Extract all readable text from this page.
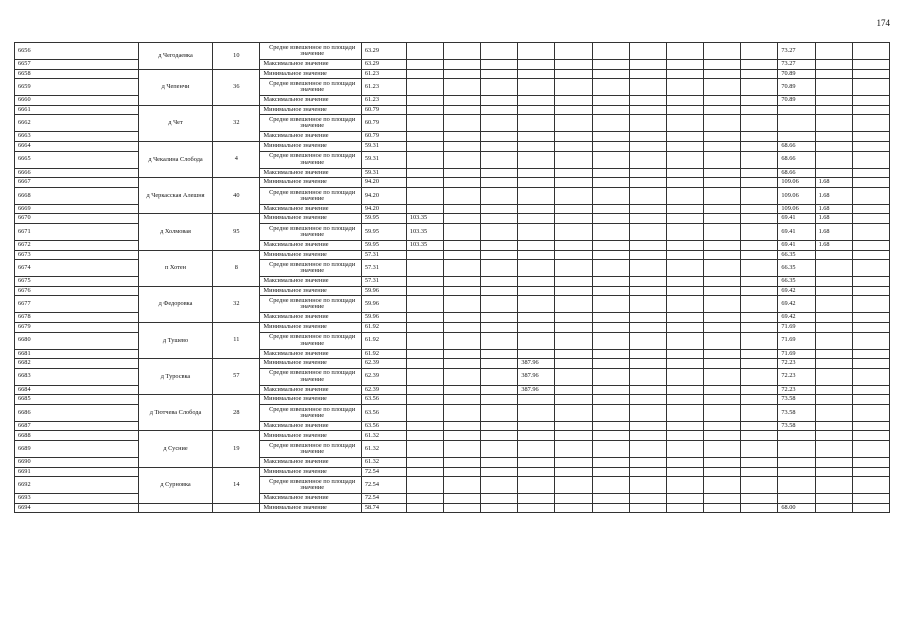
174
6656	д Чегодаевка	10	Средне взвешенное по площади значение	63.29											73.27		
6657			Максимальное значение	63.29											73.27		
6658	д Чепенчи	36	Минимальное значение	61.23											70.89		
6659			Средне взвешенное по площади значение	61.23											70.89		
6660			Максимальное значение	61.23											70.89		
6661	д Чет	32	Минимальное значение	60.79													
6662			Средне взвешенное по площади значение	60.79													
6663			Максимальное значение	60.79													
6664	д Чекалина Слобода	4	Минимальное значение	59.31											68.66		
6665			Средне взвешенное по площади значение	59.31											68.66		
6666			Максимальное значение	59.31											68.66		
6667	д Черкасская Алешня	40	Минимальное значение	94.20											109.06	1.68	
6668			Средне взвешенное по площади значение	94.20											109.06	1.68	
6669			Максимальное значение	94.20											109.06	1.68	
6670	д Холмовая	95	Минимальное значение	59.95	103.35										69.41	1.68	
6671			Средне взвешенное по площади значение	59.95	103.35										69.41	1.68	
6672			Максимальное значение	59.95	103.35										69.41	1.68	
6673	п Хотен	8	Минимальное значение	57.31											66.35		
6674			Средне взвешенное по площади значение	57.31											66.35		
6675			Максимальное значение	57.31											66.35		
6676	д Федоровка	32	Минимальное значение	59.96											69.42		
6677			Средне взвешенное по площади значение	59.96											69.42		
6678			Максимальное значение	59.96											69.42		
6679	д Тушево	11	Минимальное значение	61.92											71.69		
6680			Средне взвешенное по площади значение	61.92											71.69		
6681			Максимальное значение	61.92											71.69		
6682	д Туросвка	57	Минимальное значение	62.39				387.96							72.23		
6683			Средне взвешенное по площади значение	62.39				387.96							72.23		
6684			Максимальное значение	62.39				387.96							72.23		
6685	д Тютчева Слобода	28	Минимальное значение	63.56											73.58		
6686			Средне взвешенное по площади значение	63.56											73.58		
6687			Максимальное значение	63.56											73.58		
6688	д Сусние	19	Минимальное значение	61.32													
6689			Средне взвешенное по площади значение	61.32													
6690			Максимальное значение	61.32													
6691	д Сурновка	14	Минимальное значение	72.54													
6692			Средне взвешенное по площади значение	72.54													
6693			Максимальное значение	72.54													
6694			Минимальное значение	58.74											68.00		
